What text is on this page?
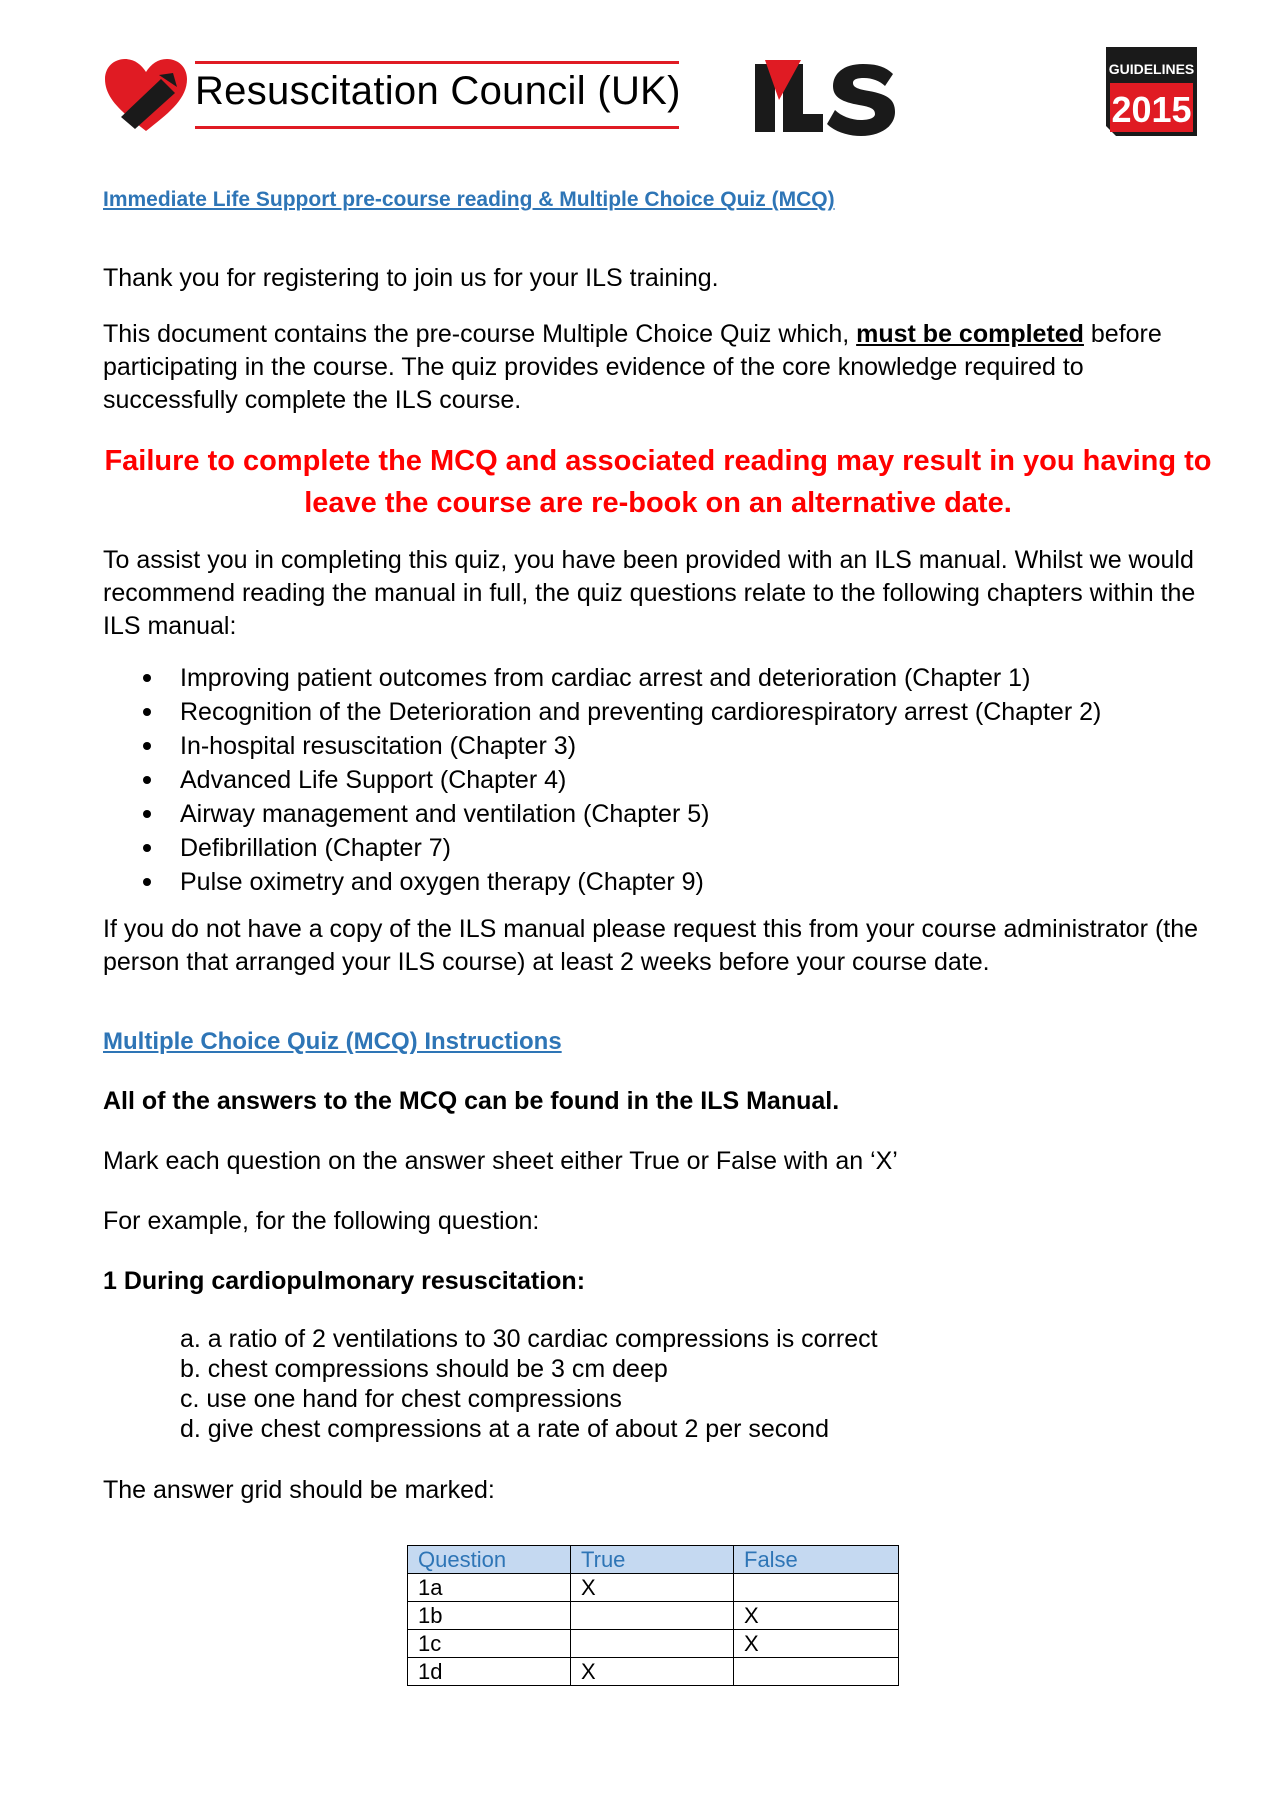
Resuscitation Council (UK)
ILS
GUIDELINES
2015
Immediate Life Support pre-course reading & Multiple Choice Quiz (MCQ)
Thank you for registering to join us for your ILS training.
This document contains the pre-course Multiple Choice Quiz which, must be completed before participating in the course. The quiz provides evidence of the core knowledge required to successfully complete the ILS course.
Failure to complete the MCQ and associated reading may result in you having to leave the course are re-book on an alternative date.
To assist you in completing this quiz, you have been provided with an ILS manual. Whilst we would recommend reading the manual in full, the quiz questions relate to the following chapters within the ILS manual:
Improving patient outcomes from cardiac arrest and deterioration (Chapter 1)
Recognition of the Deterioration and preventing cardiorespiratory arrest (Chapter 2)
In-hospital resuscitation (Chapter 3)
Advanced Life Support (Chapter 4)
Airway management and ventilation (Chapter 5)
Defibrillation (Chapter 7)
Pulse oximetry and oxygen therapy (Chapter 9)
If you do not have a copy of the ILS manual please request this from your course administrator (the person that arranged your ILS course) at least 2 weeks before your course date.
Multiple Choice Quiz (MCQ) Instructions
All of the answers to the MCQ can be found in the ILS Manual.
Mark each question on the answer sheet either True or False with an ‘X’
For example, for the following question:
1 During cardiopulmonary resuscitation:
a. a ratio of 2 ventilations to 30 cardiac compressions is correct
b. chest compressions should be 3 cm deep
c. use one hand for chest compressions
d. give chest compressions at a rate of about 2 per second
The answer grid should be marked:
Question	True	False
1a	X	
1b		X
1c		X
1d	X	
